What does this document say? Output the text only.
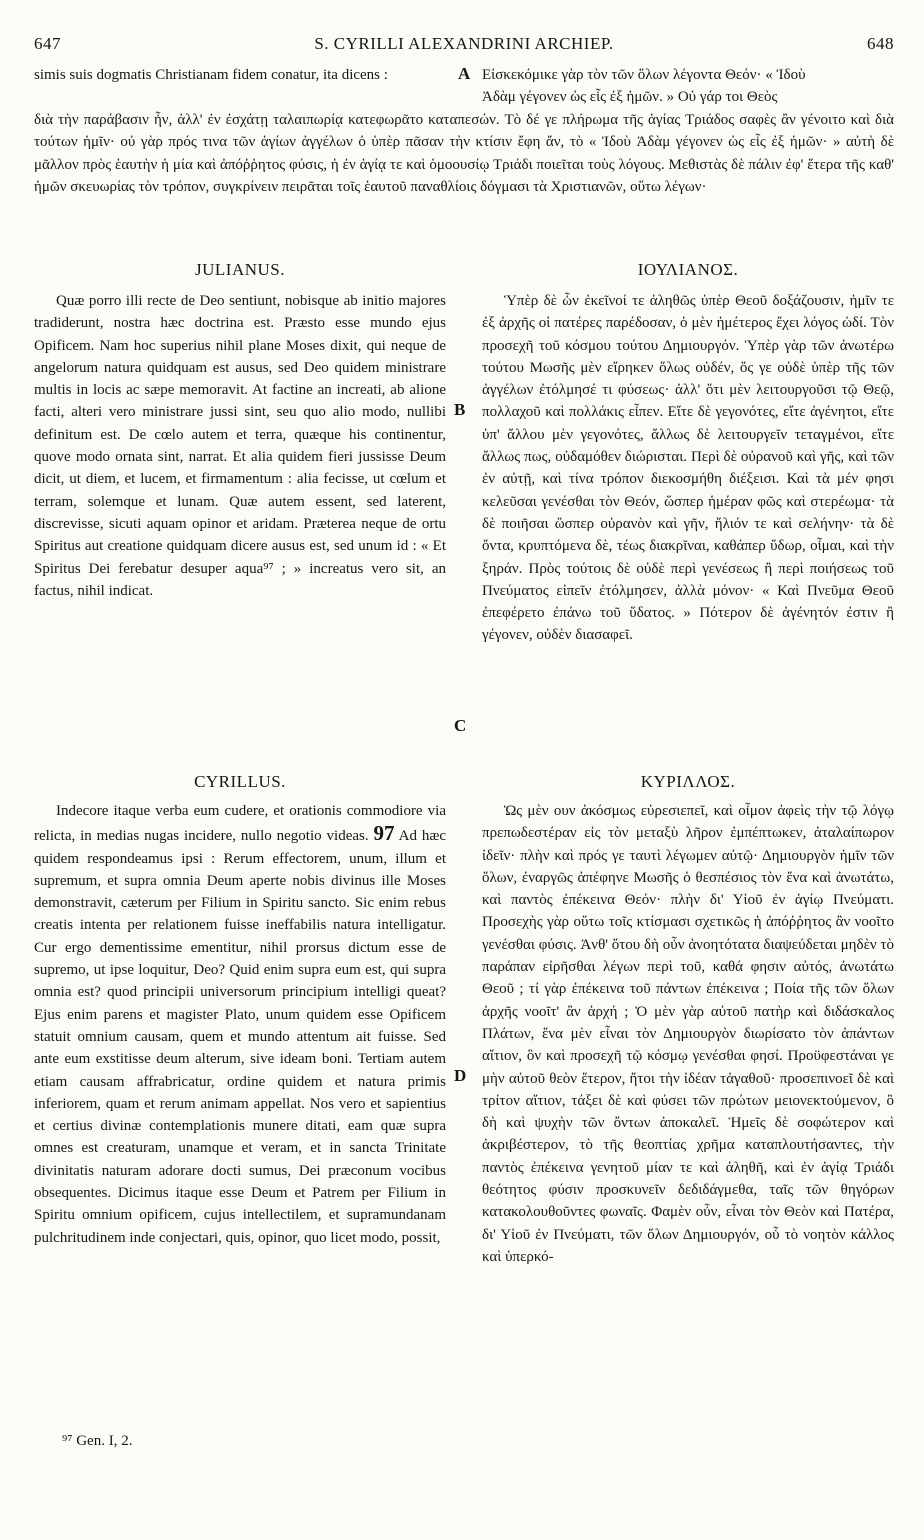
647	S. CYRILLI ALEXANDRINI ARCHIEP.	648
simis suis dogmatis Christianam fidem conatur, ita dicens :	Εἰσκεκόμικε γὰρ τὸν τῶν ὅλων λέγοντα Θεόν· « Ἰδοὺ
Ἀδὰμ γέγονεν ὡς εἷς ἐξ ἡμῶν. » Οὐ γάρ τοι Θεὸς
A
διὰ τὴν παράβασιν ἦν, ἀλλ' ἐν ἐσχάτῃ ταλαιπωρίᾳ κατεφωρᾶτο καταπεσών. Τὸ δέ γε πλήρωμα τῆς ἁγίας Τριάδος σαφὲς ἂν γένοιτο καὶ διὰ τούτων ἡμῖν· οὐ γὰρ πρός τινα τῶν ἁγίων ἀγγέλων ὁ ὑπὲρ πᾶσαν τὴν κτίσιν ἔφη ἄν, τὸ « Ἰδοὺ Ἀδὰμ γέγονεν ὡς εἷς ἐξ ἡμῶν· » αὐτὴ δὲ μᾶλλον πρὸς ἑαυτὴν ἡ μία καὶ ἀπόῤῥητος φύσις, ἡ ἐν ἁγίᾳ τε καὶ ὁμοουσίῳ Τριάδι ποιεῖται τοὺς λόγους. Μεθιστὰς δὲ πάλιν ἐφ' ἕτερα τῆς καθ' ἡμῶν σκευωρίας τὸν τρόπον, συγκρίνειν πειρᾶται τοῖς ἑαυτοῦ παναθλίοις δόγμασι τὰ Χριστιανῶν, οὕτω λέγων·
JULIANUS.	ΙΟΥΛΙΑΝΟΣ.

Quæ porro illi recte de Deo sentiunt, nobisque ab initio majores tradiderunt, nostra hæc doctrina est. Præsto esse mundo ejus Opificem. Nam hoc superius nihil plane Moses dixit, qui neque de angelorum natura quidquam est ausus, sed Deo quidem ministrare multis in locis ac sæpe memoravit. At factine an increati, ab alione facti, alteri vero ministrare jussi sint, seu quo alio modo, nullibi definitum est. De cœlo autem et terra, quæque his continentur, quove modo ornata sint, narrat. Et alia quidem fieri jussisse Deum dicit, ut diem, et lucem, et firmamentum : alia fecisse, ut cœlum et terram, solemque et lunam. Quæ autem essent, sed laterent, discrevisse, sicuti aquam opinor et aridam. Præterea neque de ortu Spiritus aut creatione quidquam dicere ausus est, sed unum id : « Et Spiritus Dei ferebatur desuper aqua⁹⁷ ; » increatus vero sit, an factus, nihil indicat.

Ὑπὲρ δὲ ὧν ἐκεῖνοί τε ἀληθῶς ὑπὲρ Θεοῦ δοξάζουσιν, ἡμῖν τε ἐξ ἀρχῆς οἱ πατέρες παρέδοσαν, ὁ μὲν ἡμέτερος ἔχει λόγος ὡδί. Τὸν προσεχῆ τοῦ κόσμου τούτου Δημιουργόν. Ὑπὲρ γὰρ τῶν ἀνωτέρω τούτου Μωσῆς μὲν εἴρηκεν ὅλως οὐδέν, ὅς γε οὐδὲ ὑπὲρ τῆς τῶν ἀγγέλων ἐτόλμησέ τι φύσεως· ἀλλ' ὅτι μὲν λειτουργοῦσι τῷ Θεῷ, πολλαχοῦ καὶ πολλάκις εἶπεν. Εἴτε δὲ γεγονότες, εἴτε ἀγένητοι, εἴτε ὑπ' ἄλλου μὲν γεγονότες, ἄλλως δὲ λειτουργεῖν τεταγμένοι, εἴτε ἄλλως πως, οὐδαμόθεν διώρισται. Περὶ δὲ οὐρανοῦ καὶ γῆς, καὶ τῶν ἐν αὐτῇ, καὶ τίνα τρόπον διεκοσμήθη διέξεισι. Καὶ τὰ μέν φησι κελεῦσαι γενέσθαι τὸν Θεόν, ὥσπερ ἡμέραν φῶς καὶ στερέωμα· τὰ δὲ ποιῆσαι ὥσπερ οὐρανὸν καὶ γῆν, ἥλιόν τε καὶ σελήνην· τὰ δὲ ὄντα, κρυπτόμενα δὲ, τέως διακρῖναι, καθάπερ ὕδωρ, οἶμαι, καὶ τὴν ξηράν. Πρὸς τούτοις δὲ οὐδὲ περὶ γενέσεως ἢ περὶ ποιήσεως τοῦ Πνεύματος εἰπεῖν ἐτόλμησεν, ἀλλὰ μόνον· « Καὶ Πνεῦμα Θεοῦ ἐπεφέρετο ἐπάνω τοῦ ὕδατος. » Πότερον δὲ ἀγένητόν ἐστιν ἢ γέγονεν, οὐδὲν διασαφεῖ.

B
C
CYRILLUS.	ΚΥΡΙΛΛΟΣ.

Indecore itaque verba eum cudere, et orationis commodiore via relicta, in medias nugas incidere, nullo negotio videas. 97 Ad hæc quidem respondeamus ipsi : Rerum effectorem, unum, illum et supremum, et supra omnia Deum aperte nobis divinus ille Moses demonstravit, cæterum per Filium in Spiritu sancto. Sic enim rebus creatis intenta per relationem fuisse ineffabilis natura intelligatur. Cur ergo dementissime ementitur, nihil prorsus dictum esse de supremo, ut ipse loquitur, Deo? Quid enim supra eum est, qui supra omnia est? quod principii universorum principium intelligi queat? Ejus enim parens et magister Plato, unum quidem esse Opificem statuit omnium causam, quem et mundo attentum ait fuisse. Sed ante eum exstitisse deum alterum, sive ideam boni. Tertiam autem etiam causam affrabricatur, ordine quidem et natura primis inferiorem, quam et rerum animam appellat. Nos vero et sapientius et certius divinæ contemplationis munere ditati, eam quæ supra omnes est creaturam, unamque et veram, et in sancta Trinitate divinitatis naturam adorare docti sumus, Dei præconum vocibus obsequentes. Dicimus itaque esse Deum et Patrem per Filium in Spiritu omnium opificem, cujus intellectilem, et supramundanam pulchritudinem inde conjectari, quis, opinor, quo licet modo, possit,

Ὡς μὲν ουν ἀκόσμως εὑρεσιεπεῖ, καὶ οἶμον ἀφεὶς τὴν τῷ λόγῳ πρεπωδεστέραν εἰς τὸν μεταξὺ λῆρον ἐμπέπτωκεν, ἀταλαίπωρον ἰδεῖν· πλὴν καὶ πρός γε ταυτὶ λέγωμεν αὐτῷ· Δημιουργὸν ἡμῖν τῶν ὅλων, ἐναργῶς ἀπέφηνε Μωσῆς ὁ θεσπέσιος τὸν ἕνα καὶ ἀνωτάτω, καὶ παντὸς ἐπέκεινα Θεόν· πλὴν δι' Υἱοῦ ἐν ἁγίῳ Πνεύματι. Προσεχὴς γὰρ οὕτω τοῖς κτίσμασι σχετικῶς ἡ ἀπόῤῥητος ἂν νοοῖτο γενέσθαι φύσις. Ἀνθ' ὅτου δὴ οὖν ἀνοητότατα διαψεύδεται μηδὲν τὸ παράπαν εἰρῆσθαι λέγων περὶ τοῦ, καθά φησιν αὐτός, ἀνωτάτω Θεοῦ ; τί γὰρ ἐπέκεινα τοῦ πάντων ἐπέκεινα ; Ποία τῆς τῶν ὅλων ἀρχῆς νοοῖτ' ἂν ἀρχή ; Ὁ μὲν γὰρ αὐτοῦ πατὴρ καὶ διδάσκαλος Πλάτων, ἕνα μὲν εἶναι τὸν Δημιουργὸν διωρίσατο τὸν ἁπάντων αἴτιον, ὃν καὶ προσεχῆ τῷ κόσμῳ γενέσθαι φησί. Προϋφεστάναι γε μὴν αὐτοῦ θεὸν ἕτερον, ἤτοι τὴν ἰδέαν τἀγαθοῦ· προσεπινοεῖ δὲ καὶ τρίτον αἴτιον, τάξει δὲ καὶ φύσει τῶν πρώτων μειονεκτούμενον, ὃ δὴ καὶ ψυχὴν τῶν ὄντων ἀποκαλεῖ. Ἡμεῖς δὲ σοφώτερον καὶ ἀκριβέστερον, τὸ τῆς θεοπτίας χρῆμα καταπλουτήσαντες, τὴν παντὸς ἐπέκεινα γενητοῦ μίαν τε καὶ ἀληθῆ, καὶ ἐν ἁγίᾳ Τριάδι θεότητος φύσιν προσκυνεῖν δεδιδάγμεθα, ταῖς τῶν θηγόρων κατακολουθοῦντες φωναῖς. Φαμὲν οὖν, εἶναι τὸν Θεὸν καὶ Πατέρα, δι' Υἱοῦ ἐν Πνεύματι, τῶν ὅλων Δημιουργόν, οὗ τὸ νοητὸν κάλλος καὶ ὑπερκό-

D
⁹⁷ Gen. I, 2.
